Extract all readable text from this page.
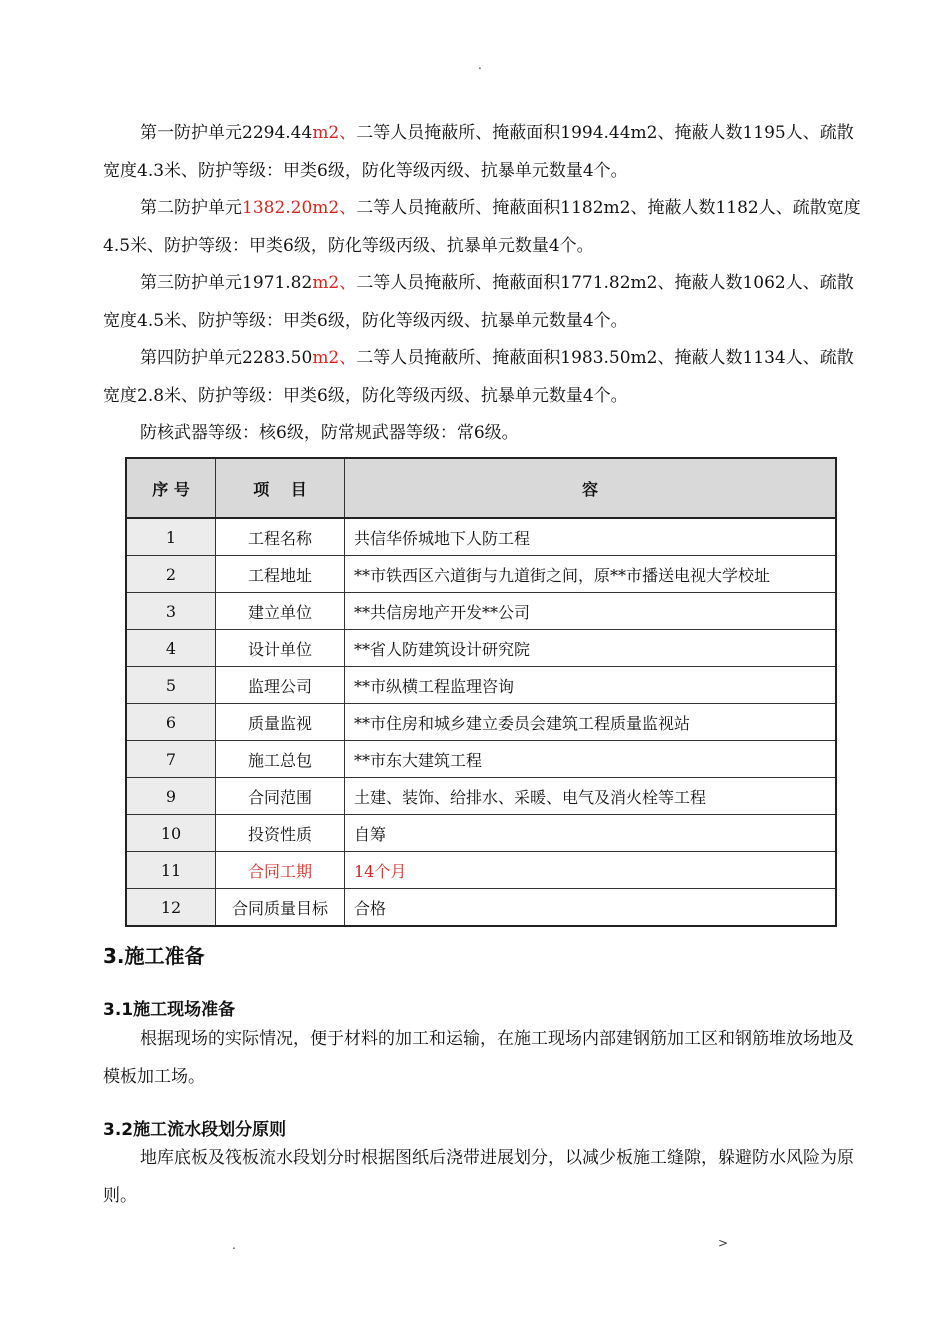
.

第一防护单元2294.44m2、二等人员掩蔽所、掩蔽面积1994.44m2、掩蔽人数1195人、疏散宽度4.3米、防护等级：甲类6级，防化等级丙级、抗暴单元数量4个。

第二防护单元1382.20m2、二等人员掩蔽所、掩蔽面积1182m2、掩蔽人数1182人、疏散宽度4.5米、防护等级：甲类6级，防化等级丙级、抗暴单元数量4个。

第三防护单元1971.82m2、二等人员掩蔽所、掩蔽面积1771.82m2、掩蔽人数1062人、疏散宽度4.5米、防护等级：甲类6级，防化等级丙级、抗暴单元数量4个。

第四防护单元2283.50m2、二等人员掩蔽所、掩蔽面积1983.50m2、掩蔽人数1134人、疏散宽度2.8米、防护等级：甲类6级，防化等级丙级、抗暴单元数量4个。

防核武器等级：核6级，防常规武器等级：常6级。

序 号	项　 目	容
1	工程名称	共信华侨城地下人防工程
2	工程地址	**市铁西区六道街与九道街之间，原**市播送电视大学校址
3	建立单位	**共信房地产开发**公司
4	设计单位	**省人防建筑设计研究院
5	监理公司	**市纵横工程监理咨询
6	质量监视	**市住房和城乡建立委员会建筑工程质量监视站
7	施工总包	**市东大建筑工程
9	合同范围	土建、装饰、给排水、采暖、电气及消火栓等工程
10	投资性质	自筹
11	合同工期	14个月
12	合同质量目标	合格
3.施工准备
3.1施工现场准备

根据现场的实际情况，便于材料的加工和运输，在施工现场内部建钢筋加工区和钢筋堆放场地及模板加工场。

3.2施工流水段划分原则

地库底板及筏板流水段划分时根据图纸后浇带进展划分，以减少板施工缝隙，躲避防水风险为原则。

.	>
